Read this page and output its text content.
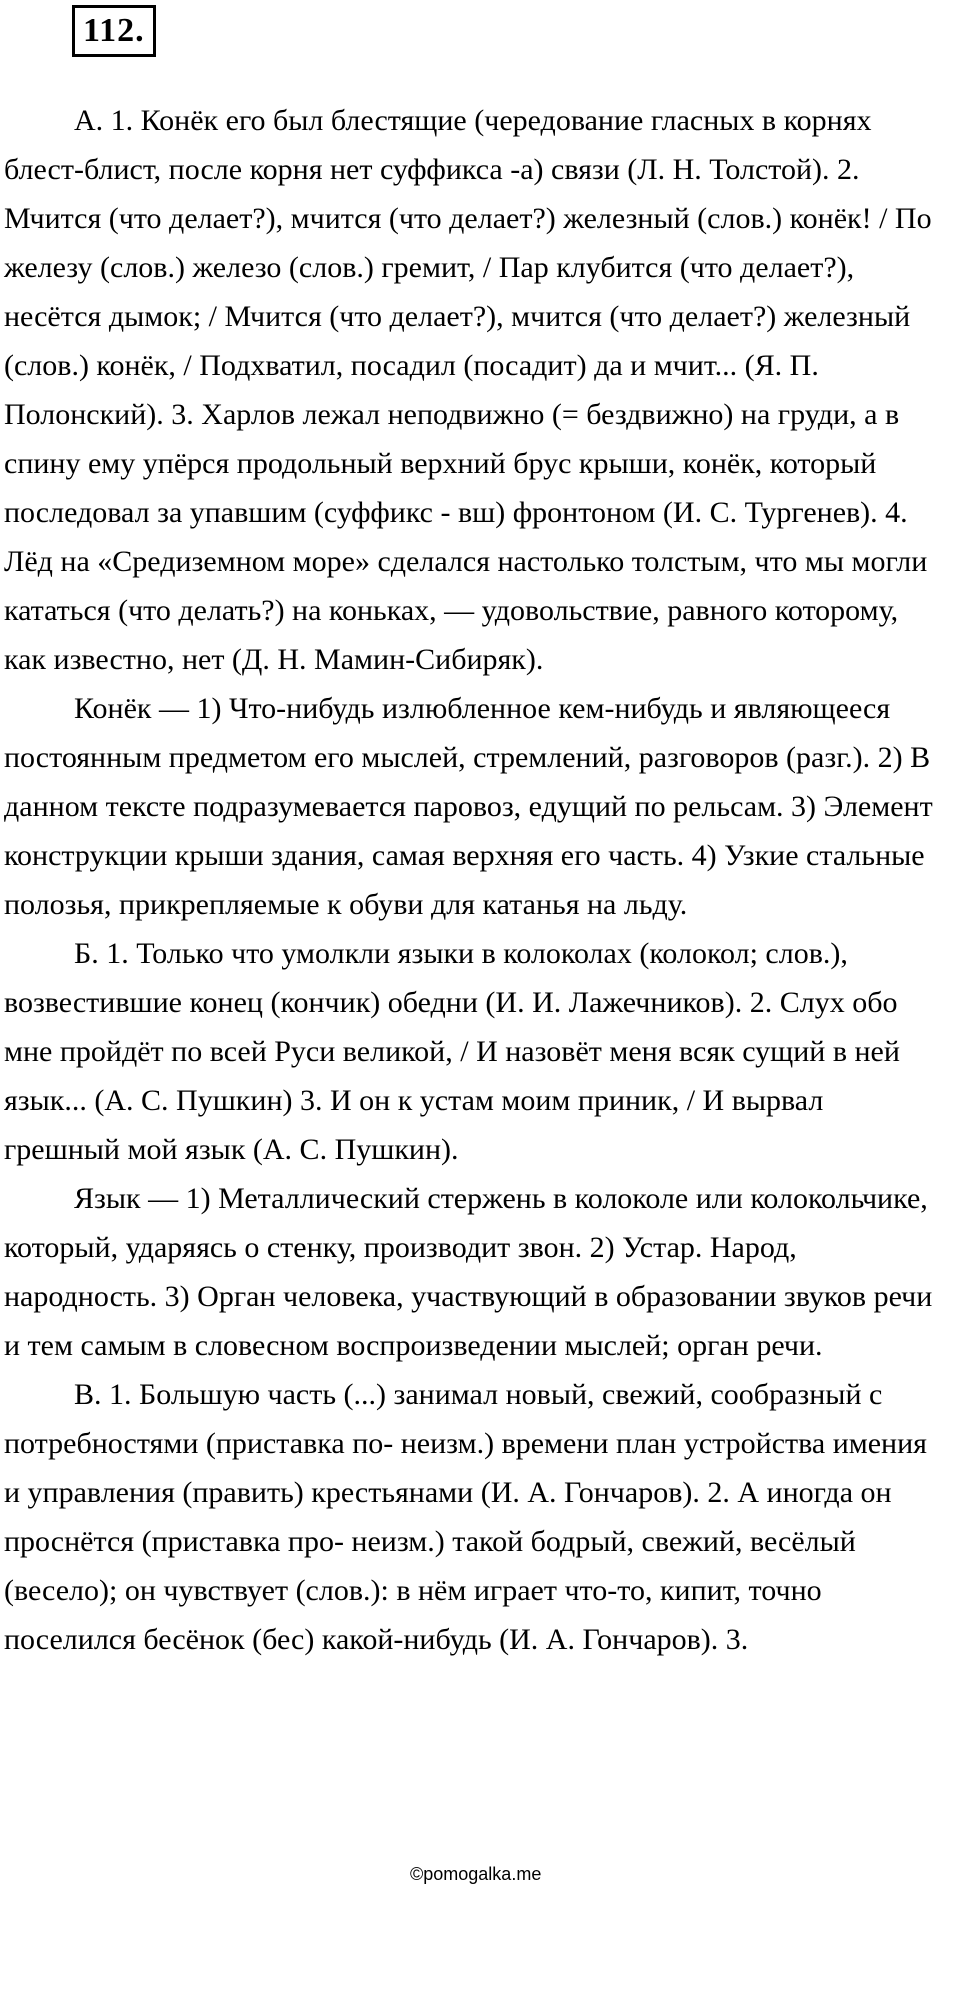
112.

А. 1. Конёк его был блестящие (чередование гласных в корнях блест-блист, после корня нет суффикса -а) связи (Л. Н. Толстой). 2. Мчится (что делает?), мчится (что делает?) железный (слов.) конёк! / По железу (слов.) железо (слов.) гремит, / Пар клубится (что делает?), несётся дымок; / Мчится (что делает?), мчится (что делает?) железный (слов.) конёк, / Подхватил, посадил (посадит) да и мчит... (Я. П. Полонский). 3. Харлов лежал неподвижно (= бездвижно) на груди, а в спину ему упёрся продольный верхний брус крыши, конёк, который последовал за упавшим (суффикс - вш) фронтоном (И. С. Тургенев). 4. Лёд на «Средиземном море» сделался настолько толстым, что мы могли кататься (что делать?) на коньках, — удовольствие, равного которому, как известно, нет (Д. Н. Мамин-Сибиряк).

Конёк — 1) Что-нибудь излюбленное кем-нибудь и являющееся постоянным предметом его мыслей, стремлений, разговоров (разг.). 2) В данном тексте подразумевается паровоз, едущий по рельсам. 3) Элемент конструкции крыши здания, самая верхняя его часть. 4) Узкие стальные полозья, прикрепляемые к обуви для катанья на льду.

Б. 1. Только что умолкли языки в колоколах (колокол; слов.), возвестившие конец (кончик) обедни (И. И. Лажечников). 2. Слух обо мне пройдёт по всей Руси великой, / И назовёт меня всяк сущий в ней язык... (А. С. Пушкин) 3. И он к устам моим приник, / И вырвал грешный мой язык (А. С. Пушкин).

Язык — 1) Металлический стержень в колоколе или колокольчике, который, ударяясь о стенку, производит звон. 2) Устар. Народ, народность. 3) Орган человека, участвующий в образовании звуков речи и тем самым в словесном воспроизведении мыслей; орган речи.

В. 1. Большую часть (...) занимал новый, свежий, сообразный с потребностями (приставка по- неизм.) времени план устройства имения и управления (править) крестьянами (И. А. Гончаров). 2. А иногда он проснётся (приставка про- неизм.) такой бодрый, свежий, весёлый (весело); он чувствует (слов.): в нём играет что-то, кипит, точно поселился бесёнок (бес) какой-нибудь (И. А. Гончаров). 3.

©pomogalka.me
